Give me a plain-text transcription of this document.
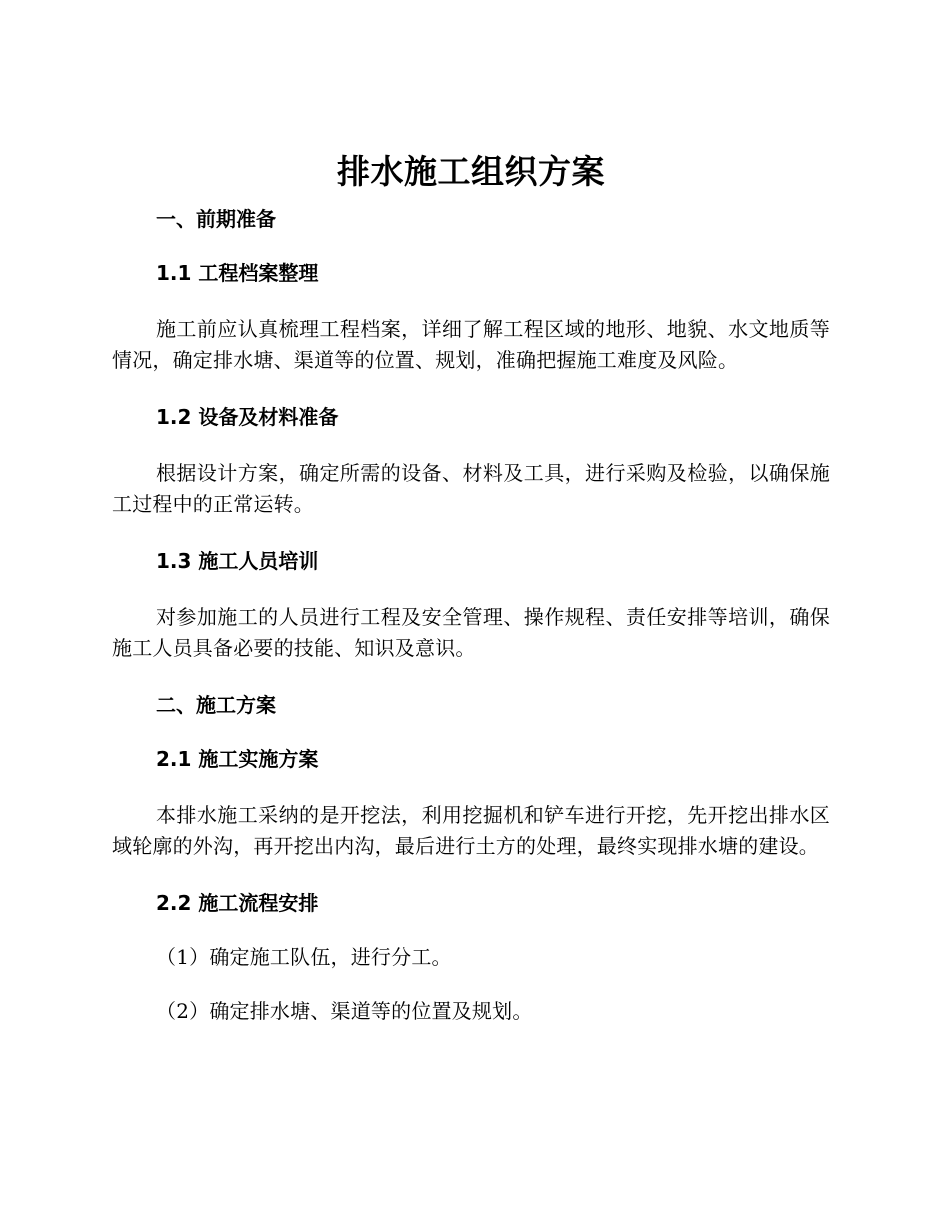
排水施工组织方案
一、前期准备
1.1 工程档案整理

施工前应认真梳理工程档案，详细了解工程区域的地形、地貌、水文地质等情况，确定排水塘、渠道等的位置、规划，准确把握施工难度及风险。

1.2 设备及材料准备

根据设计方案，确定所需的设备、材料及工具，进行采购及检验，以确保施工过程中的正常运转。

1.3 施工人员培训

对参加施工的人员进行工程及安全管理、操作规程、责任安排等培训，确保施工人员具备必要的技能、知识及意识。

二、施工方案
2.1 施工实施方案

本排水施工采纳的是开挖法，利用挖掘机和铲车进行开挖，先开挖出排水区域轮廓的外沟，再开挖出内沟，最后进行土方的处理，最终实现排水塘的建设。

2.2 施工流程安排
（1）确定施工队伍，进行分工。
（2）确定排水塘、渠道等的位置及规划。
